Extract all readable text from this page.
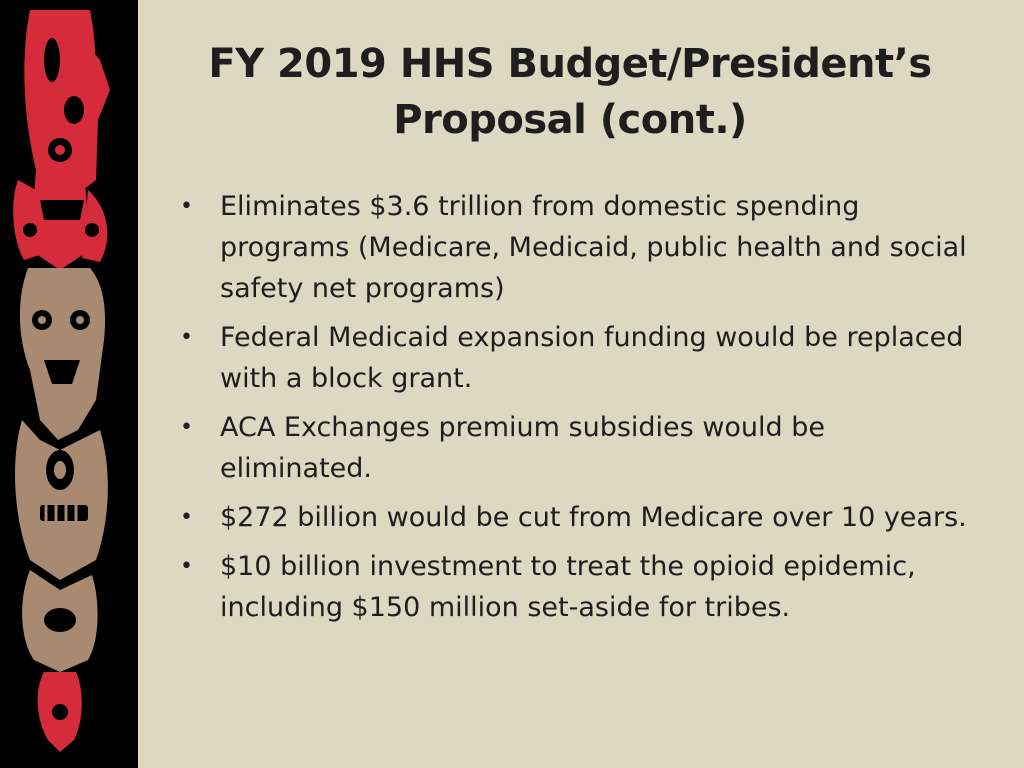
FY 2019 HHS Budget/President’s
Proposal (cont.)
• Eliminates $3.6 trillion from domestic spending programs (Medicare, Medicaid, public health and social safety net programs)
• Federal Medicaid expansion funding would be replaced with a block grant.
• ACA Exchanges premium subsidies would be eliminated.
• $272 billion would be cut from Medicare over 10 years.
• $10 billion investment to treat the opioid epidemic, including $150 million set-aside for tribes.
